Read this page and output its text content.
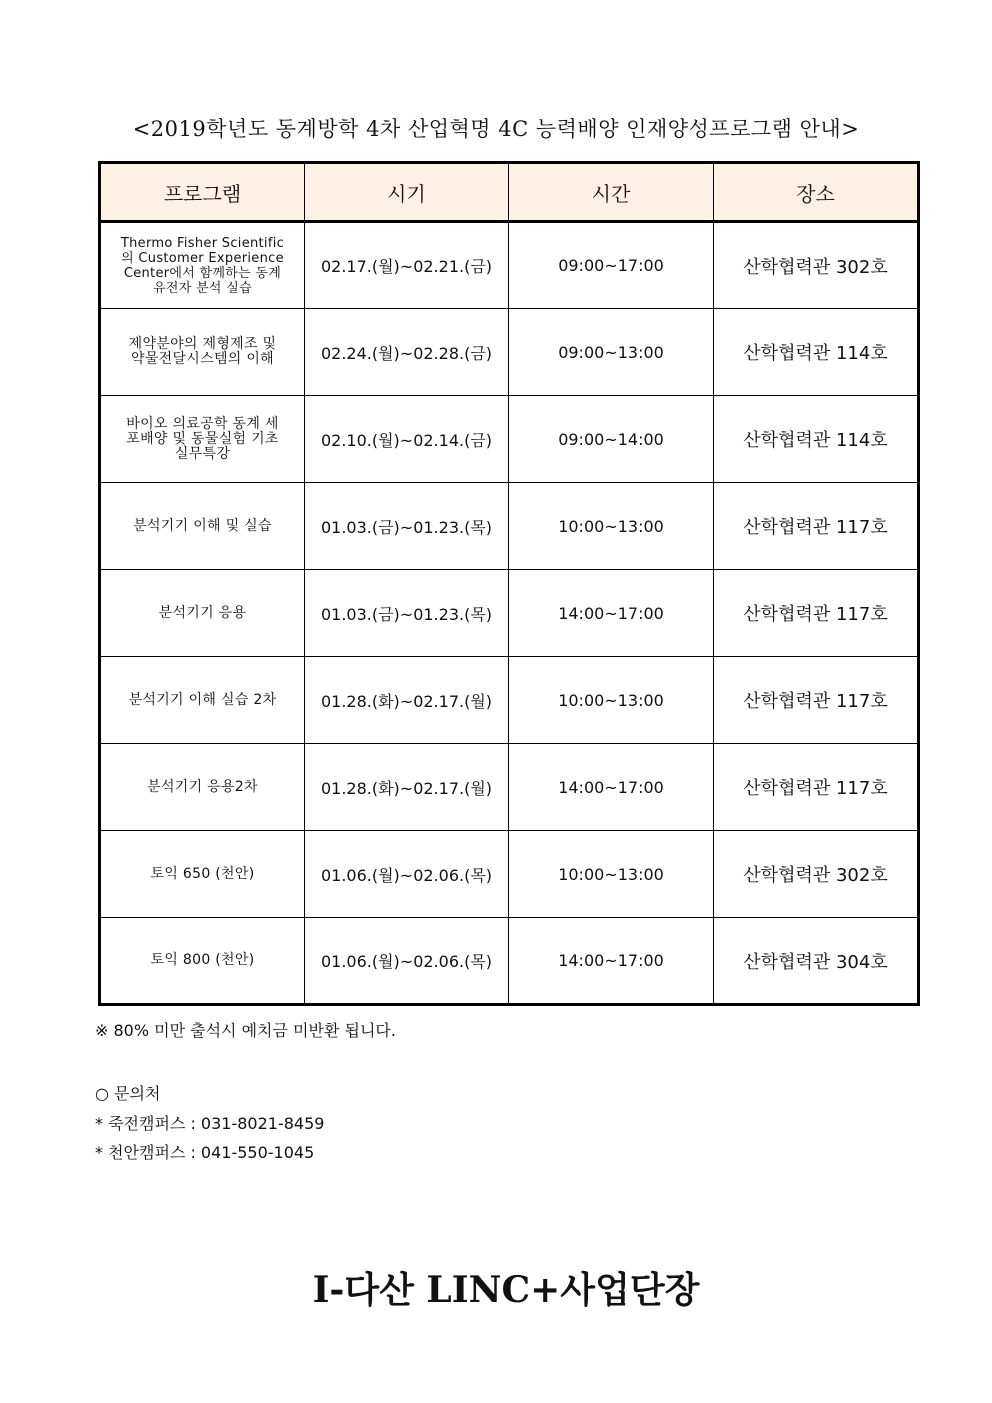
<2019학년도 동계방학 4차 산업혁명 4C 능력배양 인재양성프로그램 안내>
프로그램	시기	시간	장소
Thermo Fisher Scientific의 Customer Experience Center에서 함께하는 동계 유전자 분석 실습	02.17.(월)~02.21.(금)	09:00~17:00	산학협력관 302호
제약분야의 제형제조 및 약물전달시스템의 이해	02.24.(월)~02.28.(금)	09:00~13:00	산학협력관 114호
바이오 의료공학 동계 세포배양 및 동물실험 기초실무특강	02.10.(월)~02.14.(금)	09:00~14:00	산학협력관 114호
분석기기 이해 및 실습	01.03.(금)~01.23.(목)	10:00~13:00	산학협력관 117호
분석기기 응용	01.03.(금)~01.23.(목)	14:00~17:00	산학협력관 117호
분석기기 이해 실습 2차	01.28.(화)~02.17.(월)	10:00~13:00	산학협력관 117호
분석기기 응용2차	01.28.(화)~02.17.(월)	14:00~17:00	산학협력관 117호
토익 650 (천안)	01.06.(월)~02.06.(목)	10:00~13:00	산학협력관 302호
토익 800 (천안)	01.06.(월)~02.06.(목)	14:00~17:00	산학협력관 304호
※ 80% 미만 출석시 예치금 미반환 됩니다.
○ 문의처
* 죽전캠퍼스 : 031-8021-8459
* 천안캠퍼스 : 041-550-1045
I-다산 LINC+사업단장
